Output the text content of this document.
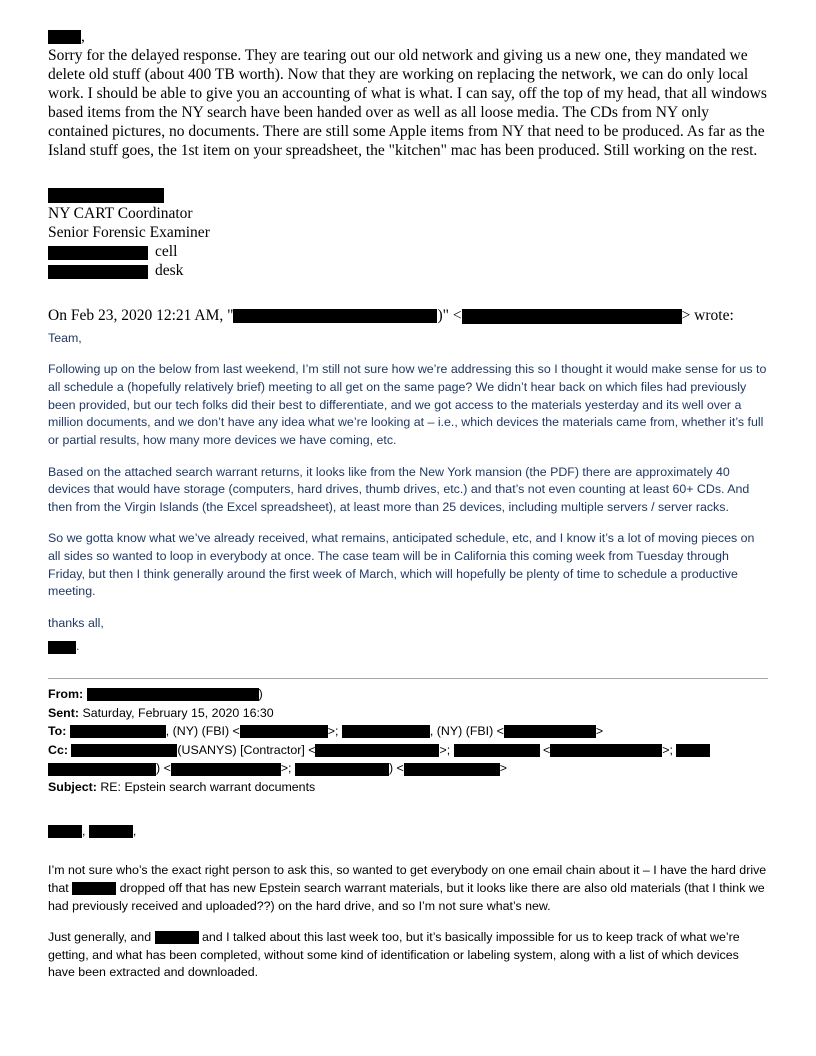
,

Sorry for the delayed response. They are tearing out our old network and giving us a new one, they mandated we delete old stuff (about 400 TB worth). Now that they are working on replacing the network, we can do only local work. I should be able to give you an accounting of what is what. I can say, off the top of my head, that all windows based items from the NY search have been handed over as well as all loose media. The CDs from NY only contained pictures, no documents. There are still some Apple items from NY that need to be produced. As far as the Island stuff goes, the 1st item on your spreadsheet, the "kitchen" mac has been produced. Still working on the rest.

NY CART Coordinator

Senior Forensic Examiner

cell

desk

On Feb 23, 2020 12:21 AM, "	)" <	> wrote:

Team,

Following up on the below from last weekend, I’m still not sure how we’re addressing this so I thought it would make sense for us to all schedule a (hopefully relatively brief) meeting to all get on the same page? We didn’t hear back on which files had previously been provided, but our tech folks did their best to differentiate, and we got access to the materials yesterday and its well over a million documents, and we don’t have any idea what we’re looking at – i.e., which devices the materials came from, whether it’s full or partial results, how many more devices we have coming, etc.

Based on the attached search warrant returns, it looks like from the New York mansion (the PDF) there are approximately 40 devices that would have storage (computers, hard drives, thumb drives, etc.) and that’s not even counting at least 60+ CDs. And then from the Virgin Islands (the Excel spreadsheet), at least more than 25 devices, including multiple servers / server racks.

So we gotta know what we’ve already received, what remains, anticipated schedule, etc, and I know it’s a lot of moving pieces on all sides so wanted to loop in everybody at once. The case team will be in California this coming week from Tuesday through Friday, but then I think generally around the first week of March, which will hopefully be plenty of time to schedule a productive meeting.

thanks all,

.

From:	)

Sent: Saturday, February 15, 2020 16:30

To:	, (NY) (FBI) <	>;	, (NY) (FBI) <	>

Cc:	(USANYS) [Contractor] <	>;	<	>;

) <	>;	) <	>

Subject: RE: Epstein search warrant documents

,	,

I’m not sure who’s the exact right person to ask this, so wanted to get everybody on one email chain about it – I have the hard drive that	dropped off that has new Epstein search warrant materials, but it looks like there are also old materials (that I think we had previously received and uploaded??) on the hard drive, and so I’m not sure what’s new.

Just generally, and	and I talked about this last week too, but it’s basically impossible for us to keep track of what we’re getting, and what has been completed, without some kind of identification or labeling system, along with a list of which devices have been extracted and downloaded.
